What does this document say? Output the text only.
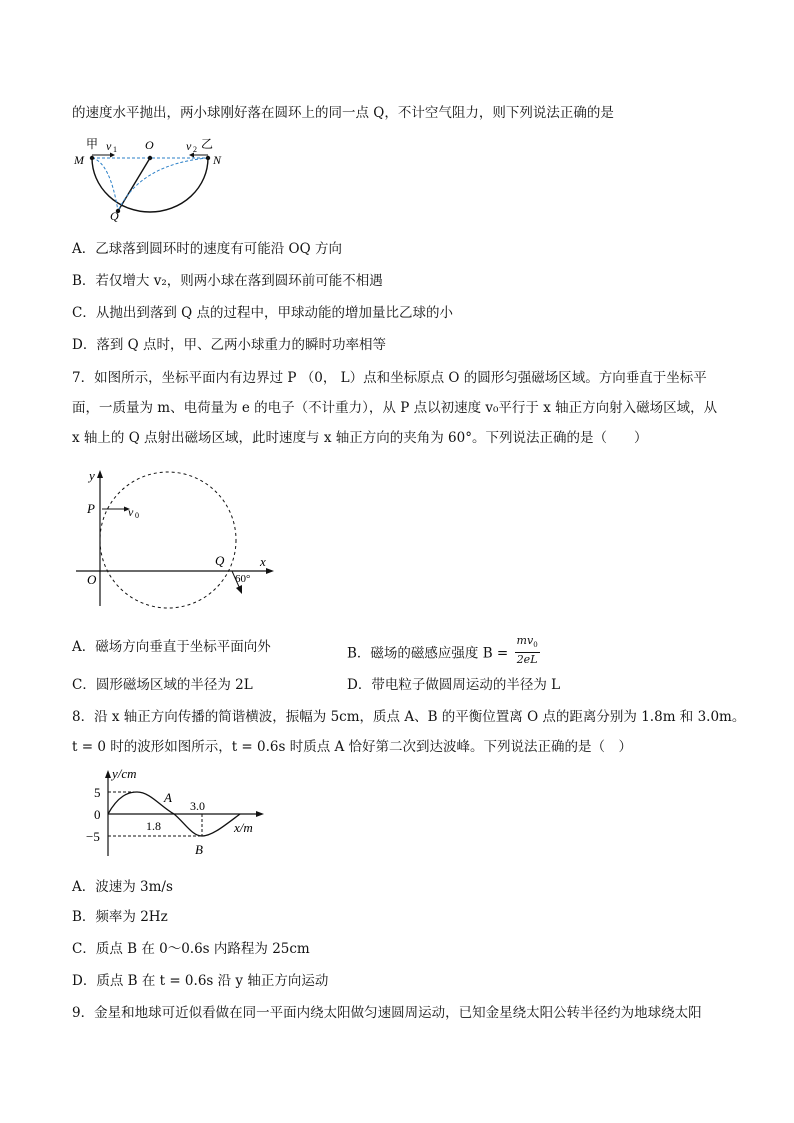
的速度水平抛出，两小球刚好落在圆环上的同一点 Q，不计空气阻力，则下列说法正确的是
甲 v 1 O	v 2 乙
M	N
Q
A．乙球落到圆环时的速度有可能沿 OQ 方向
B．若仅增大 v₂，则两小球在落到圆环前可能不相遇
C．从抛出到落到 Q 点的过程中，甲球动能的增加量比乙球的小
D．落到 Q 点时，甲、乙两小球重力的瞬时功率相等
7．如图所示，坐标平面内有边界过 P （0， L）点和坐标原点 O 的圆形匀强磁场区域。方向垂直于坐标平
面，一质量为 m、电荷量为 e 的电子（不计重力），从 P 点以初速度 v₀平行于 x 轴正方向射入磁场区域，从
x 轴上的 Q 点射出磁场区域，此时速度与 x 轴正方向的夹角为 60°。下列说法正确的是（　　）
y
x
P	v 0
O
Q
60°
A．磁场方向垂直于坐标平面向外	B．磁场的磁感应强度 $B = \frac{mv_0}{2eL}$
C．圆形磁场区域的半径为 2L	D．带电粒子做圆周运动的半径为 L
8．沿 x 轴正方向传播的简谐横波，振幅为 5cm，质点 A、B 的平衡位置离 O 点的距离分别为 1.8m 和 3.0m。
t = 0 时的波形如图所示，t = 0.6s 时质点 A 恰好第二次到达波峰。下列说法正确的是（　）
y/cm
x/m
5
0
−5
1.8
3.0
A
B
A．波速为 3m/s
B．频率为 2Hz
C．质点 B 在 0～0.6s 内路程为 25cm
D．质点 B 在 t = 0.6s 沿 y 轴正方向运动
9．金星和地球可近似看做在同一平面内绕太阳做匀速圆周运动，已知金星绕太阳公转半径约为地球绕太阳
